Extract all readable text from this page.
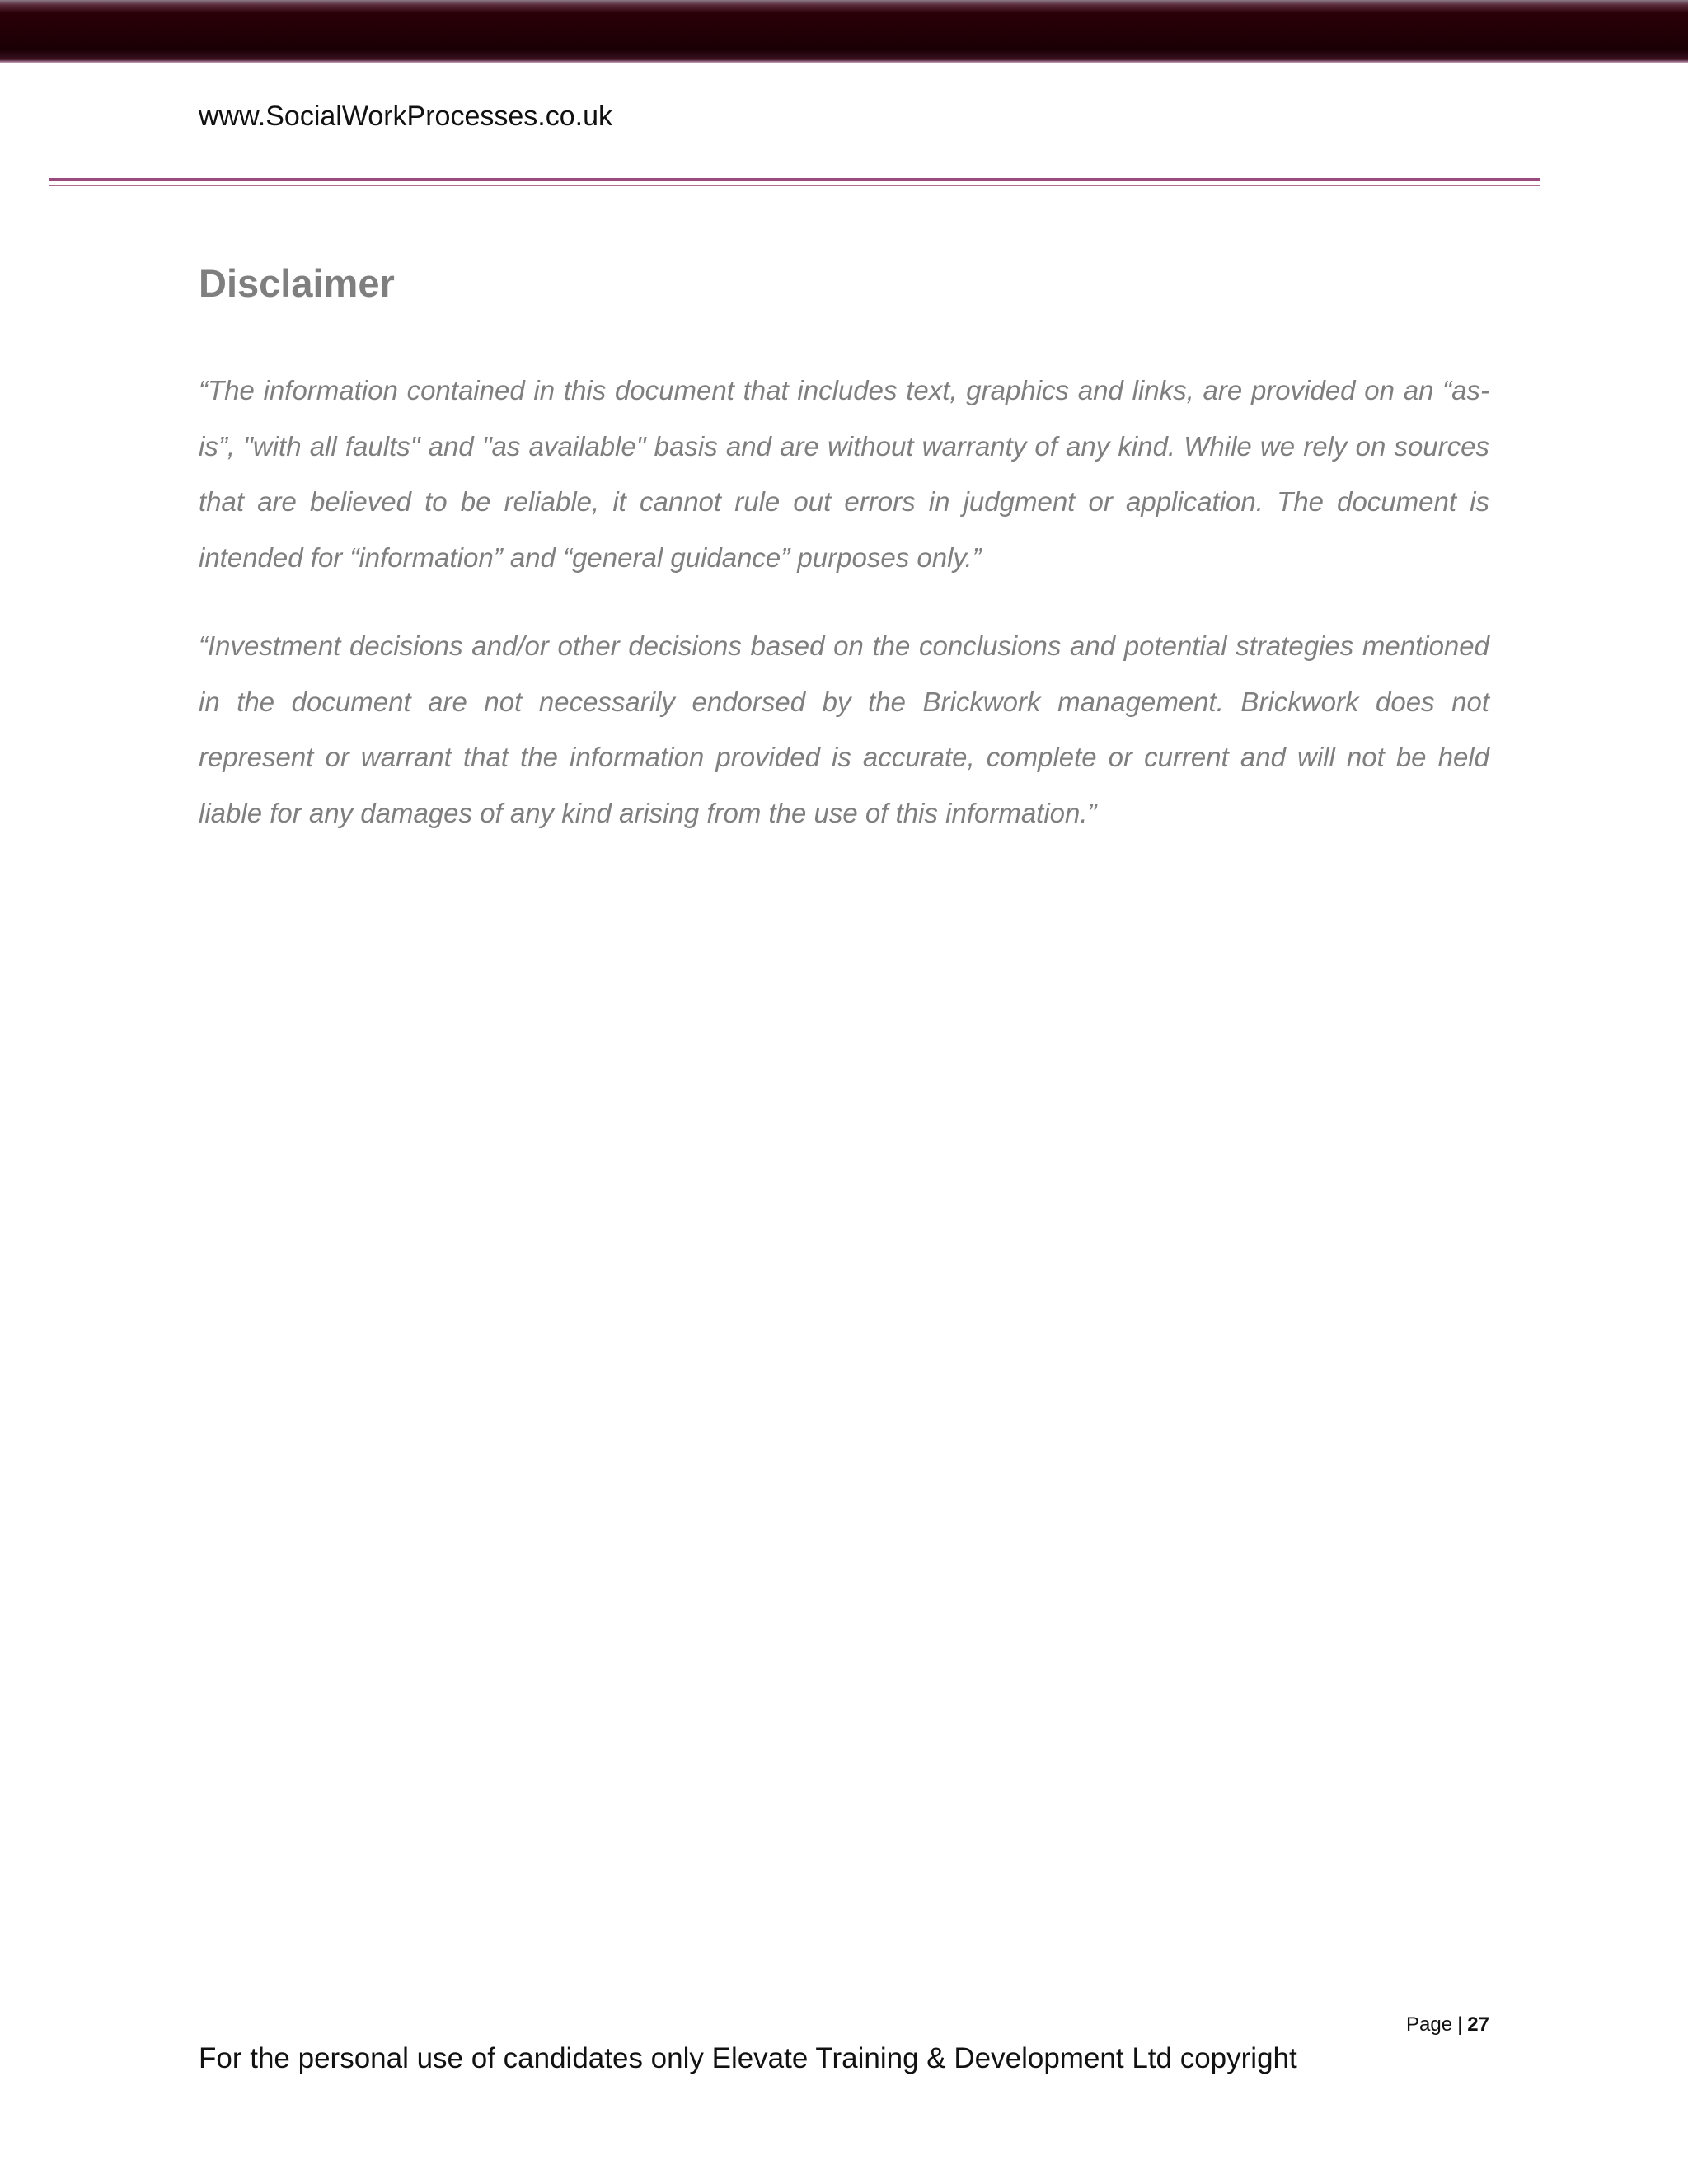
www.SocialWorkProcesses.co.uk
Disclaimer

“The information contained in this document that includes text, graphics and links, are provided on an “as-is”, "with all faults" and "as available" basis and are without warranty of any kind. While we rely on sources that are believed to be reliable, it cannot rule out errors in judgment or application. The document is intended for “information” and “general guidance” purposes only.”

“Investment decisions and/or other decisions based on the conclusions and potential strategies mentioned in the document are not necessarily endorsed by the Brickwork management. Brickwork does not represent or warrant that the information provided is accurate, complete or current and will not be held liable for any damages of any kind arising from the use of this information.”

Page | 27
For the personal use of candidates only Elevate Training & Development Ltd copyright
